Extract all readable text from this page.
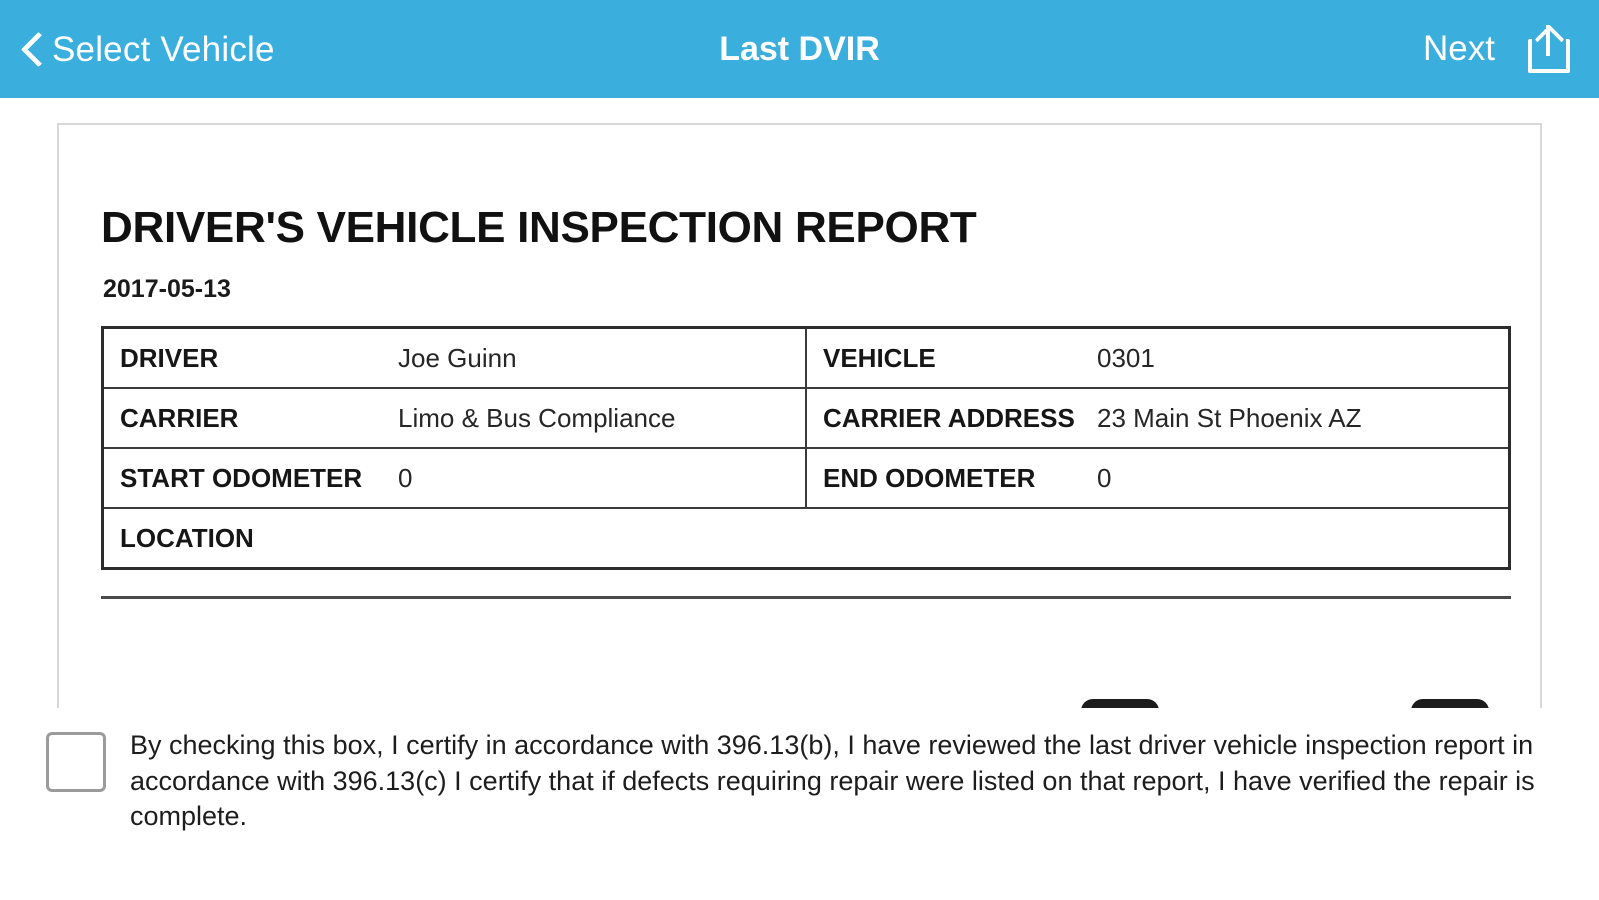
Select Vehicle	Last DVIR	Next
DRIVER'S VEHICLE INSPECTION REPORT
2017-05-13
DRIVER Joe Guinn	VEHICLE 0301

CARRIER Limo & Bus Compliance	CARRIER ADDRESS 23 Main St Phoenix AZ

START ODOMETER 0	END ODOMETER 0

LOCATION	
By checking this box, I certify in accordance with 396.13(b), I have reviewed the last driver vehicle inspection report in accordance with 396.13(c) I certify that if defects requiring repair were listed on that report, I have verified the repair is complete.
